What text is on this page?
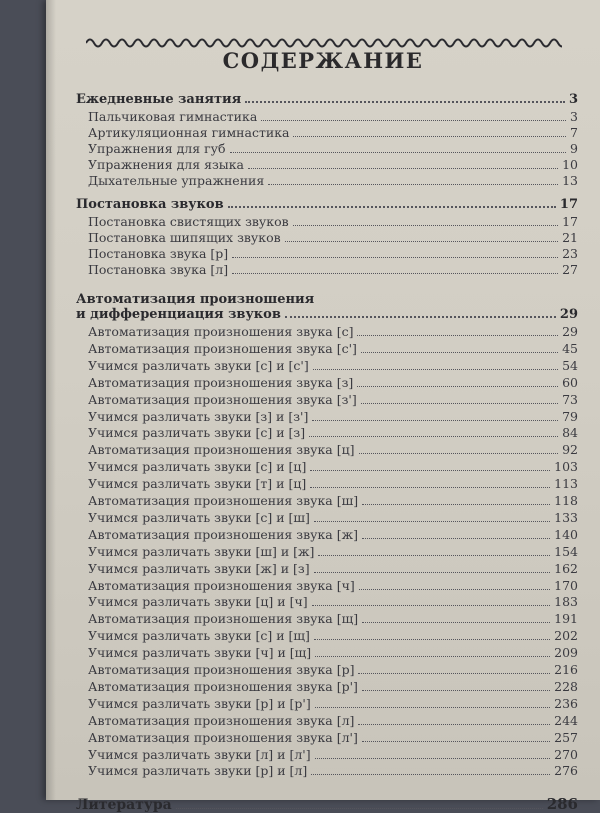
СОДЕРЖАНИЕ
Ежедневные занятия	3
Пальчиковая гимнастика	3
Артикуляционная гимнастика	7
Упражнения для губ	9
Упражнения для языка	10
Дыхательные упражнения	13
Постановка звуков	17
Постановка свистящих звуков	17
Постановка шипящих звуков	21
Постановка звука [р]	23
Постановка звука [л]	27
Автоматизация произношения
и дифференциация звуков	29
Автоматизация произношения звука [с]	29
Автоматизация произношения звука [с']	45
Учимся различать звуки [с] и [с']	54
Автоматизация произношения звука [з]	60
Автоматизация произношения звука [з']	73
Учимся различать звуки [з] и [з']	79
Учимся различать звуки [с] и [з]	84
Автоматизация произношения звука [ц]	92
Учимся различать звуки [с] и [ц]	103
Учимся различать звуки [т] и [ц]	113
Автоматизация произношения звука [ш]	118
Учимся различать звуки [с] и [ш]	133
Автоматизация произношения звука [ж]	140
Учимся различать звуки [ш] и [ж]	154
Учимся различать звуки [ж] и [з]	162
Автоматизация произношения звука [ч]	170
Учимся различать звуки [ц] и [ч]	183
Автоматизация произношения звука [щ]	191
Учимся различать звуки [с] и [щ]	202
Учимся различать звуки [ч] и [щ]	209
Автоматизация произношения звука [р]	216
Автоматизация произношения звука [р']	228
Учимся различать звуки [р] и [р']	236
Автоматизация произношения звука [л]	244
Автоматизация произношения звука [л']	257
Учимся различать звуки [л] и [л']	270
Учимся различать звуки [р] и [л]	276
Литература	286
